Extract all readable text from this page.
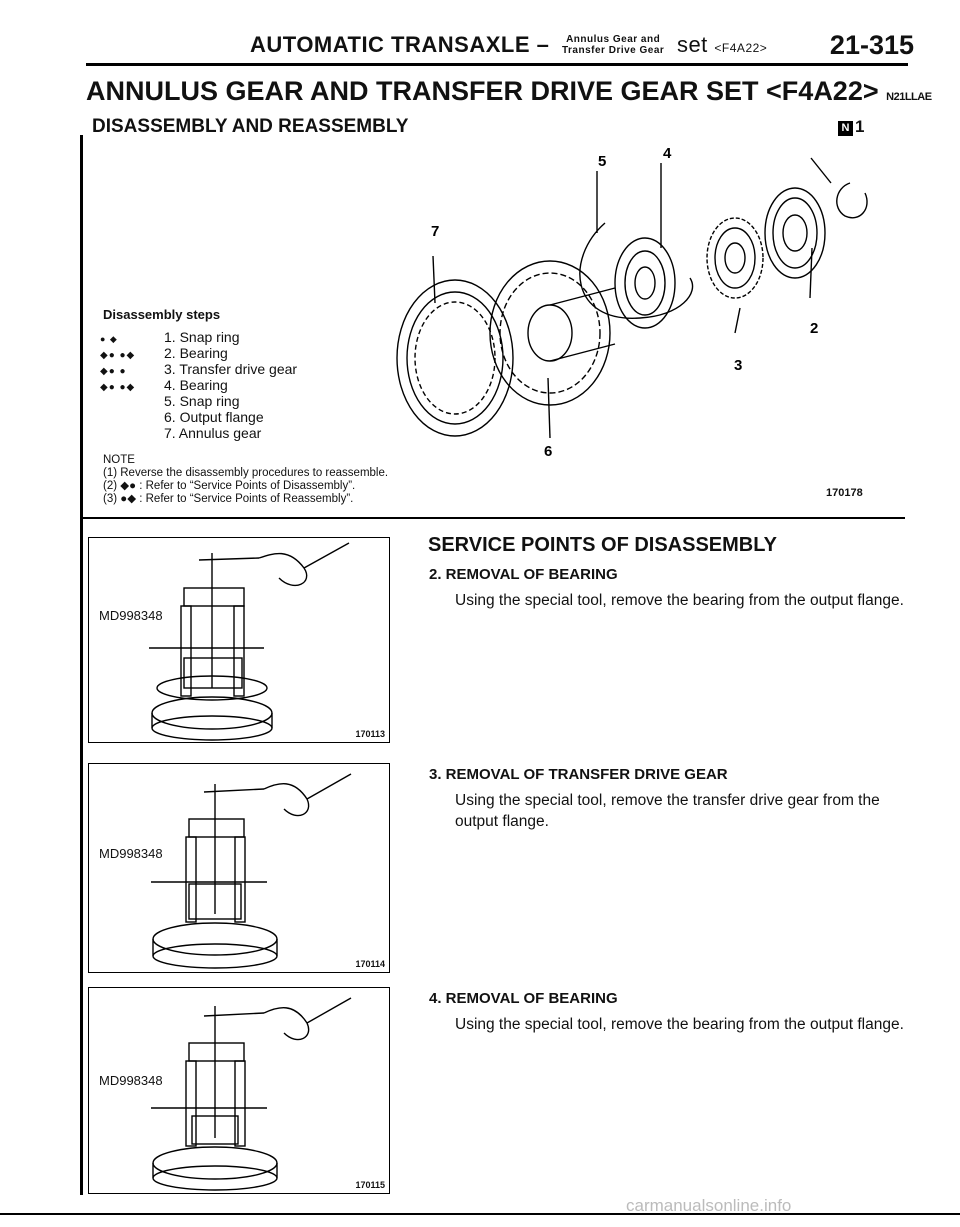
AUTOMATIC TRANSAXLE – Annulus Gear and
Transfer Drive Gear set <F4A22> 21-315
ANNULUS GEAR AND TRANSFER DRIVE GEAR SET <F4A22> N21LLAE
DISASSEMBLY AND REASSEMBLY	N 1
5	4
7
2
3
6
Disassembly steps
● ◆	1. Snap ring
◆● ●◆ 2. Bearing
◆● ●	3. Transfer drive gear
◆● ●◆ 4. Bearing
5. Snap ring
6. Output flange
7. Annulus gear
NOTE
(1) Reverse the disassembly procedures to reassemble.
(2) ◆● : Refer to “Service Points of Disassembly”.
(3) ●◆ : Refer to “Service Points of Reassembly”.	170178
MD998348
170113
MD998348
170114
MD998348
170115
SERVICE POINTS OF DISASSEMBLY
2. REMOVAL OF BEARING
Using the special tool, remove the bearing from the output flange.
3. REMOVAL OF TRANSFER DRIVE GEAR
Using the special tool, remove the transfer drive gear from the output flange.
4. REMOVAL OF BEARING
Using the special tool, remove the bearing from the output flange.
carmanualsonline.info
